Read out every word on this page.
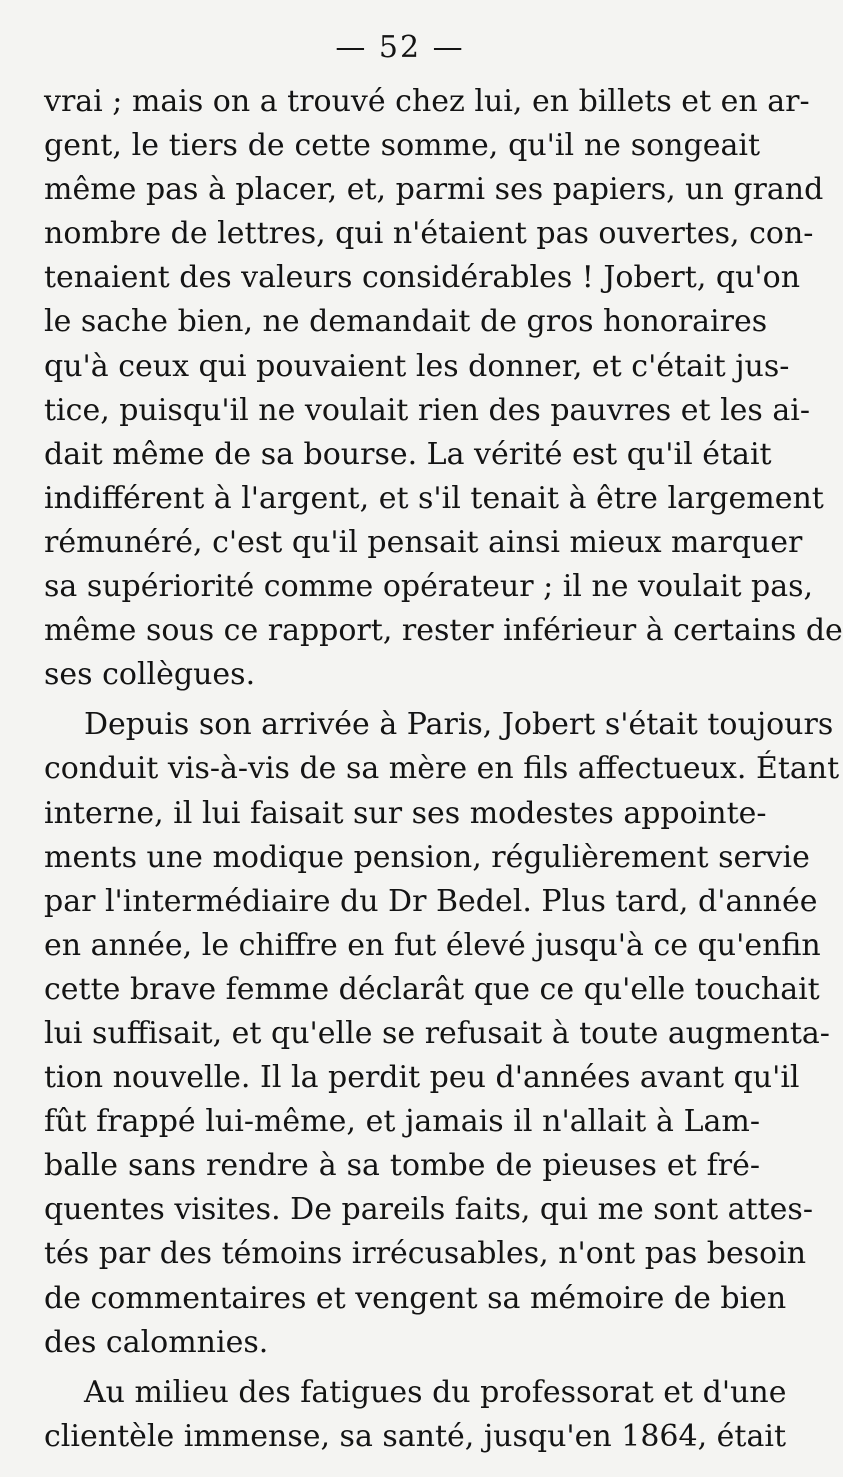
— 52 —
vrai ; mais on a trouvé chez lui, en billets et en ar-
gent, le tiers de cette somme, qu'il ne songeait
même pas à placer, et, parmi ses papiers, un grand
nombre de lettres, qui n'étaient pas ouvertes, con-
tenaient des valeurs considérables ! Jobert, qu'on
le sache bien, ne demandait de gros honoraires
qu'à ceux qui pouvaient les donner, et c'était jus-
tice, puisqu'il ne voulait rien des pauvres et les ai-
dait même de sa bourse. La vérité est qu'il était
indifférent à l'argent, et s'il tenait à être largement
rémunéré, c'est qu'il pensait ainsi mieux marquer
sa supériorité comme opérateur ; il ne voulait pas,
même sous ce rapport, rester inférieur à certains de
ses collègues.
Depuis son arrivée à Paris, Jobert s'était toujours
conduit vis-à-vis de sa mère en fils affectueux. Étant
interne, il lui faisait sur ses modestes appointe-
ments une modique pension, régulièrement servie
par l'intermédiaire du Dr Bedel. Plus tard, d'année
en année, le chiffre en fut élevé jusqu'à ce qu'enfin
cette brave femme déclarât que ce qu'elle touchait
lui suffisait, et qu'elle se refusait à toute augmenta-
tion nouvelle. Il la perdit peu d'années avant qu'il
fût frappé lui-même, et jamais il n'allait à Lam-
balle sans rendre à sa tombe de pieuses et fré-
quentes visites. De pareils faits, qui me sont attes-
tés par des témoins irrécusables, n'ont pas besoin
de commentaires et vengent sa mémoire de bien
des calomnies.
Au milieu des fatigues du professorat et d'une
clientèle immense, sa santé, jusqu'en 1864, était
